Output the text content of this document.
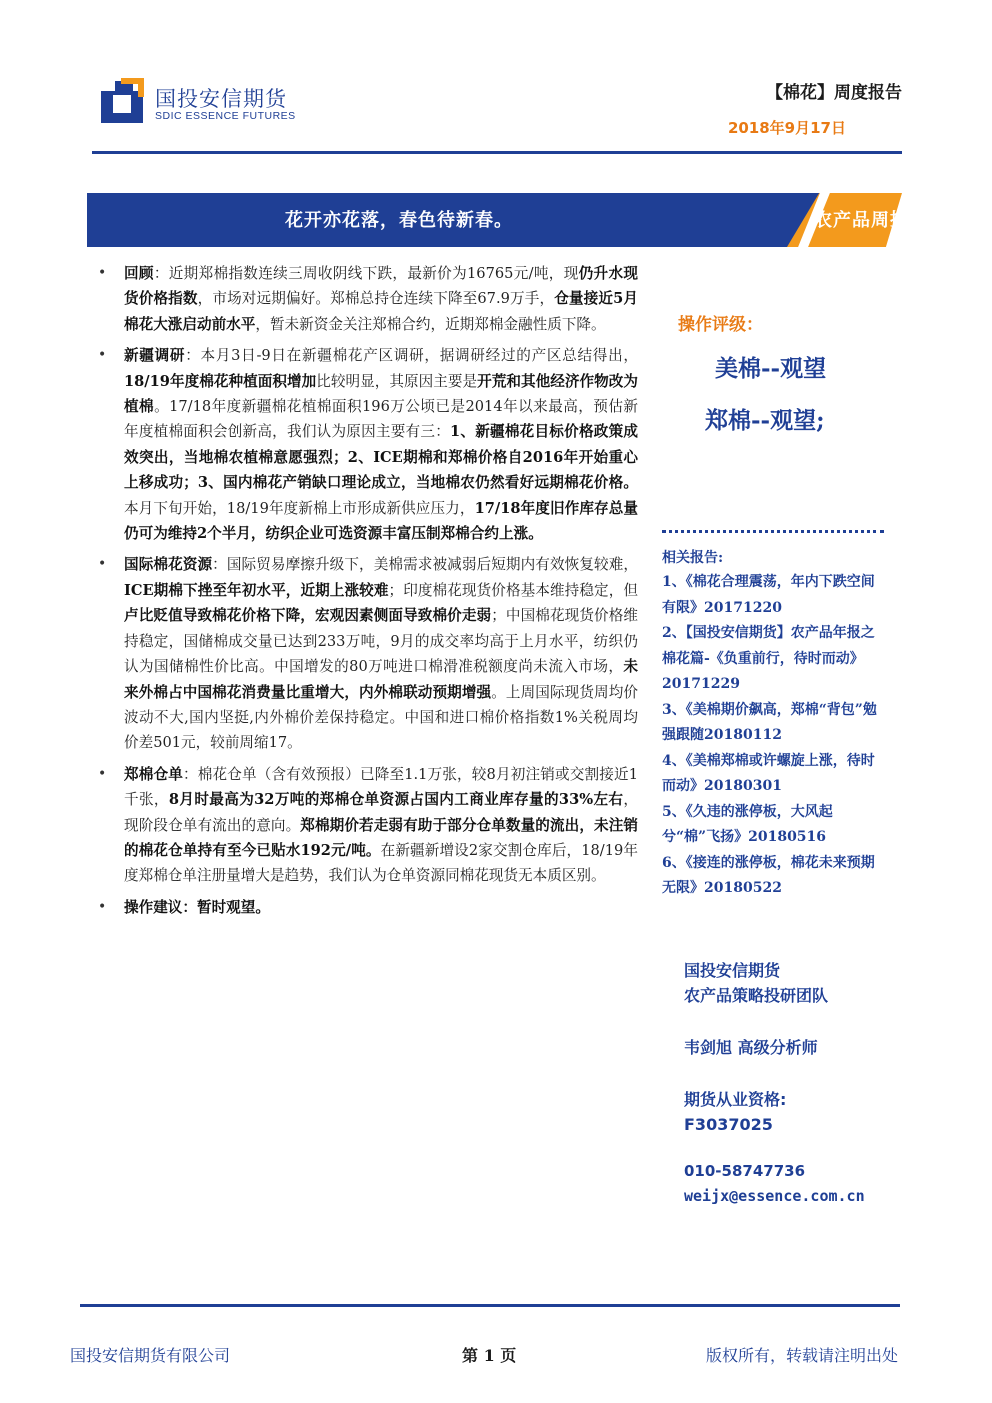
国投安信期货
SDIC ESSENCE FUTURES
【棉花】周度报告
2018年9月17日
花开亦花落，春色待新春。	农产品周报
•	回顾：近期郑棉指数连续三周收阴线下跌，最新价为16765元/吨，现仍升水现货价格指数，市场对远期偏好。郑棉总持仓连续下降至67.9万手，仓量接近5月棉花大涨启动前水平，暂未新资金关注郑棉合约，近期郑棉金融性质下降。
•	新疆调研：本月3日-9日在新疆棉花产区调研，据调研经过的产区总结得出，18/19年度棉花种植面积增加比较明显，其原因主要是开荒和其他经济作物改为植棉。17/18年度新疆棉花植棉面积196万公顷已是2014年以来最高，预估新年度植棉面积会创新高，我们认为原因主要有三：1、新疆棉花目标价格政策成效突出，当地棉农植棉意愿强烈；2、ICE期棉和郑棉价格自2016年开始重心上移成功；3、国内棉花产销缺口理论成立，当地棉农仍然看好远期棉花价格。本月下旬开始，18/19年度新棉上市形成新供应压力，17/18年度旧作库存总量仍可为维持2个半月，纺织企业可选资源丰富压制郑棉合约上涨。
•	国际棉花资源：国际贸易摩擦升级下，美棉需求被减弱后短期内有效恢复较难，ICE期棉下挫至年初水平，近期上涨较难；印度棉花现货价格基本维持稳定，但卢比贬值导致棉花价格下降，宏观因素侧面导致棉价走弱；中国棉花现货价格维持稳定，国储棉成交量已达到233万吨，9月的成交率均高于上月水平，纺织仍认为国储棉性价比高。中国增发的80万吨进口棉滑准税额度尚未流入市场，未来外棉占中国棉花消费量比重增大，内外棉联动预期增强。上周国际现货周均价波动不大,国内坚挺,内外棉价差保持稳定。中国和进口棉价格指数1%关税周均价差501元，较前周缩17。
•	郑棉仓单：棉花仓单（含有效预报）已降至1.1万张，较8月初注销或交割接近1千张，8月时最高为32万吨的郑棉仓单资源占国内工商业库存量的33%左右，现阶段仓单有流出的意向。郑棉期价若走弱有助于部分仓单数量的流出，未注销的棉花仓单持有至今已贴水192元/吨。在新疆新增设2家交割仓库后，18/19年度郑棉仓单注册量增大是趋势，我们认为仓单资源同棉花现货无本质区别。
•	操作建议：暂时观望。
操作评级：
美棉--观望
郑棉--观望;
相关报告:
1、《棉花合理震荡，年内下跌空间有限》20171220
2、【国投安信期货】农产品年报之棉花篇-《负重前行，待时而动》20171229
3、《美棉期价飙高，郑棉“背包”勉强跟随20180112
4、《美棉郑棉或许螺旋上涨，待时而动》20180301
5、《久违的涨停板，大风起兮“棉”飞扬》20180516
6、《接连的涨停板，棉花未来预期无限》20180522
国投安信期货
农产品策略投研团队
韦剑旭 高级分析师
期货从业资格:
F3037025
010-58747736
weijx@essence.com.cn
国投安信期货有限公司	第 1 页	版权所有，转载请注明出处
